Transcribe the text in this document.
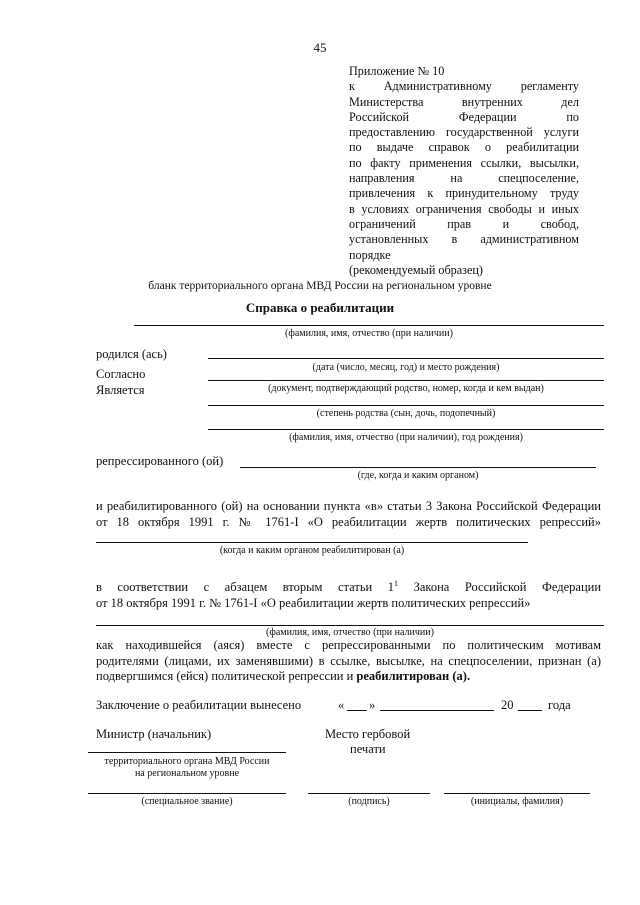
45
Приложение № 10
к Административному регламенту
Министерства внутренних дел
Российской Федерации по
предоставлению государственной услуги
по выдаче справок о реабилитации
по факту применения ссылки, высылки,
направления на спецпоселение,
привлечения к принудительному труду
в условиях ограничения свободы и иных
ограничений прав и свобод,
установленных в административном
порядке
(рекомендуемый образец)
бланк территориального органа МВД России на региональном уровне
Справка о реабилитации
(фамилия, имя, отчество (при наличии)
родился (ась)
(дата (число, месяц, год) и место рождения)
Согласно
Является	(документ, подтверждающий родство, номер, когда и кем выдан)
(степень родства (сын, дочь, подопечный)
(фамилия, имя, отчество (при наличии), год рождения)
репрессированного (ой)
(где, когда и каким органом)
и реабилитированного (ой) на основании пункта «в» статьи 3 Закона Российской Федерации
от 18 октября 1991 г. № 1761-I «О реабилитации жертв политических репрессий»
(когда и каким органом реабилитирован (а)
в соответствии с абзацем вторым статьи $1^1$ Закона Российской Федерации
от 18 октября 1991 г. № 1761-I «О реабилитации жертв политических репрессий»
(фамилия, имя, отчество (при наличии)
как находившейся (аяся) вместе с репрессированными по политическим мотивам
родителями (лицами, их заменявшими) в ссылке, высылке, на спецпоселении, признан (а)
подвергшимся (ейся) политической репрессии и реабилитирован (а).
Заключение о реабилитации вынесено	« »	20	года
Министр (начальник)	Место гербовой
печати
территориального органа МВД России
на региональном уровне
(специальное звание)	(подпись)	(инициалы, фамилия)
